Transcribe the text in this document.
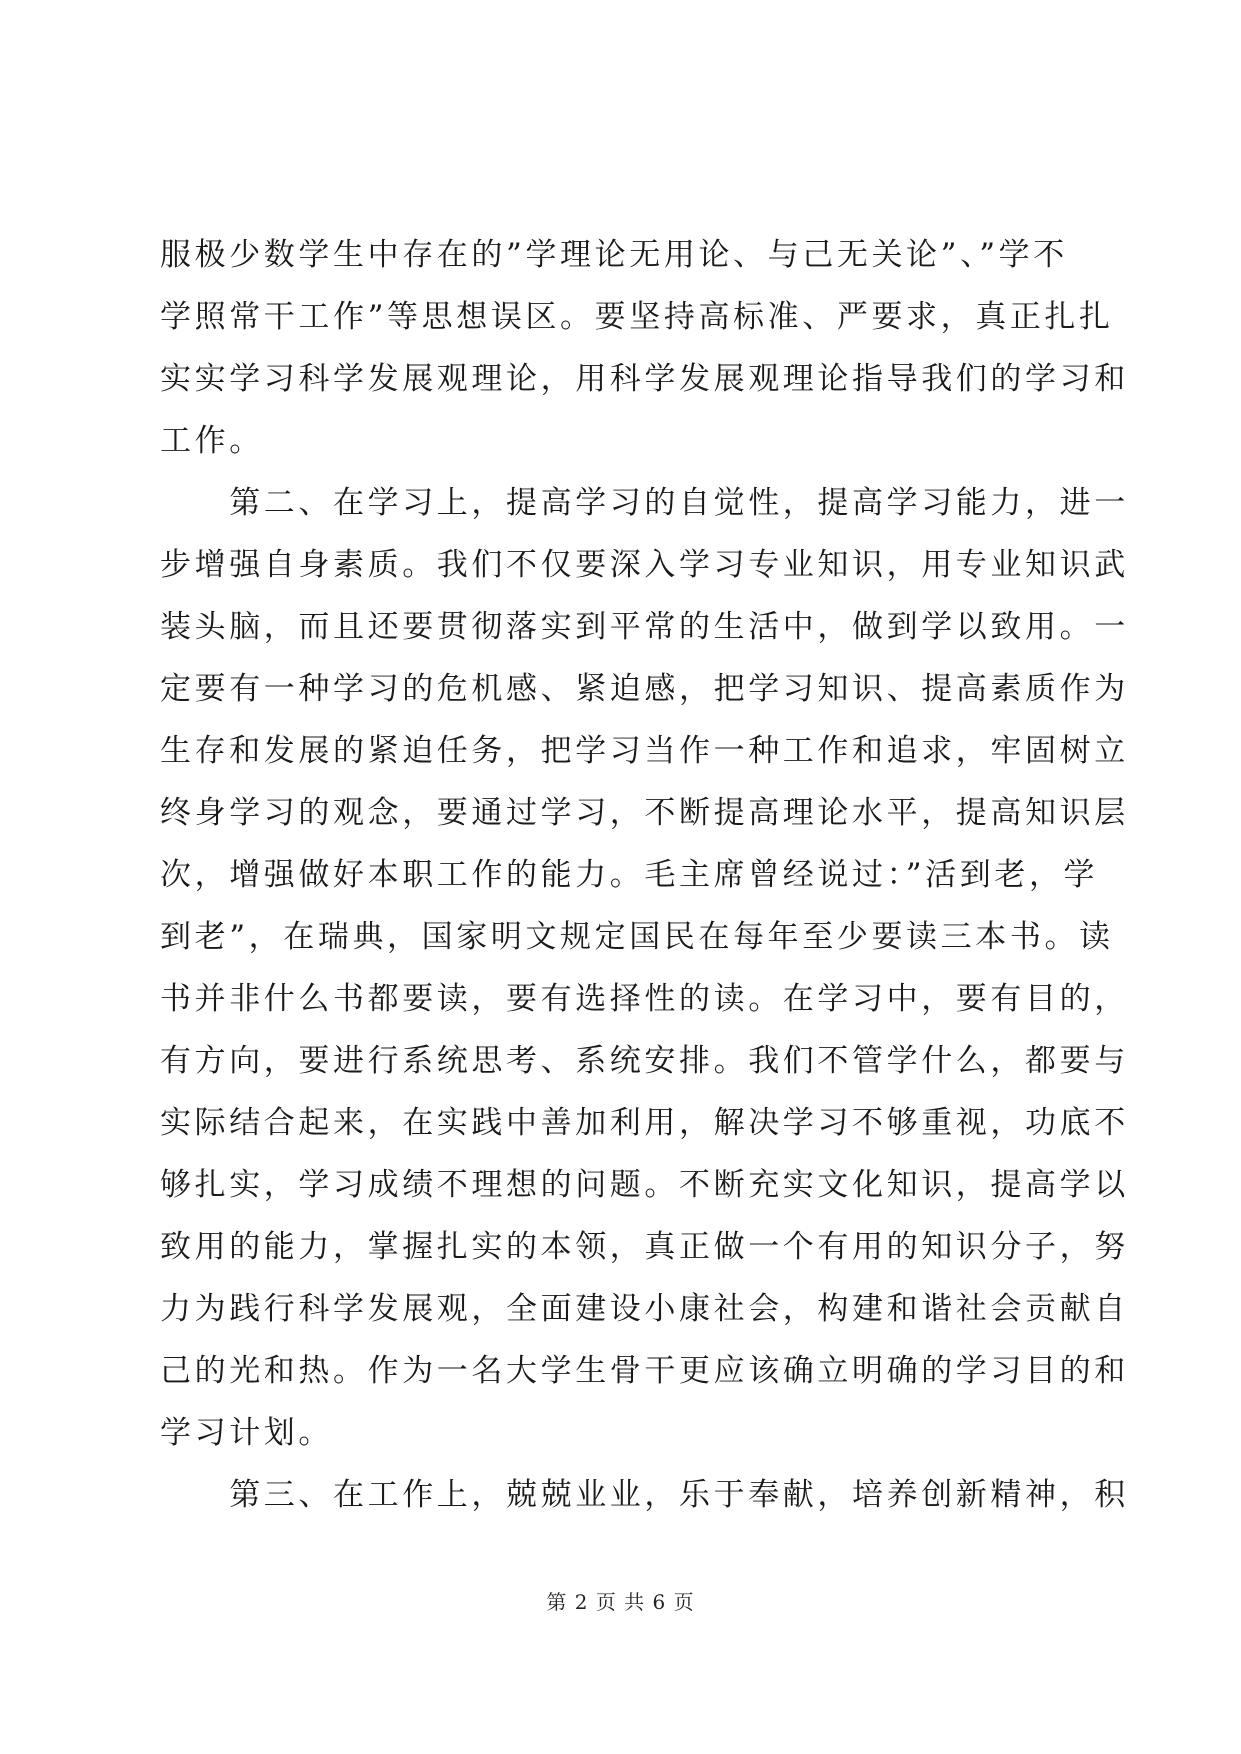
服极少数学生中存在的”学理论无用论、与己无关论”、”学不
学照常干工作”等思想误区。要坚持高标准、严要求，真正扎扎
实实学习科学发展观理论，用科学发展观理论指导我们的学习和
工作。
　　第二、在学习上，提高学习的自觉性，提高学习能力，进一
步增强自身素质。我们不仅要深入学习专业知识，用专业知识武
装头脑，而且还要贯彻落实到平常的生活中，做到学以致用。一
定要有一种学习的危机感、紧迫感，把学习知识、提高素质作为
生存和发展的紧迫任务，把学习当作一种工作和追求，牢固树立
终身学习的观念，要通过学习，不断提高理论水平，提高知识层
次，增强做好本职工作的能力。毛主席曾经说过：”活到老，学
到老”，在瑞典，国家明文规定国民在每年至少要读三本书。读
书并非什么书都要读，要有选择性的读。在学习中，要有目的，
有方向，要进行系统思考、系统安排。我们不管学什么，都要与
实际结合起来，在实践中善加利用，解决学习不够重视，功底不
够扎实，学习成绩不理想的问题。不断充实文化知识，提高学以
致用的能力，掌握扎实的本领，真正做一个有用的知识分子，努
力为践行科学发展观，全面建设小康社会，构建和谐社会贡献自
己的光和热。作为一名大学生骨干更应该确立明确的学习目的和
学习计划。
　　第三、在工作上，兢兢业业，乐于奉献，培养创新精神，积
第 2 页 共 6 页
